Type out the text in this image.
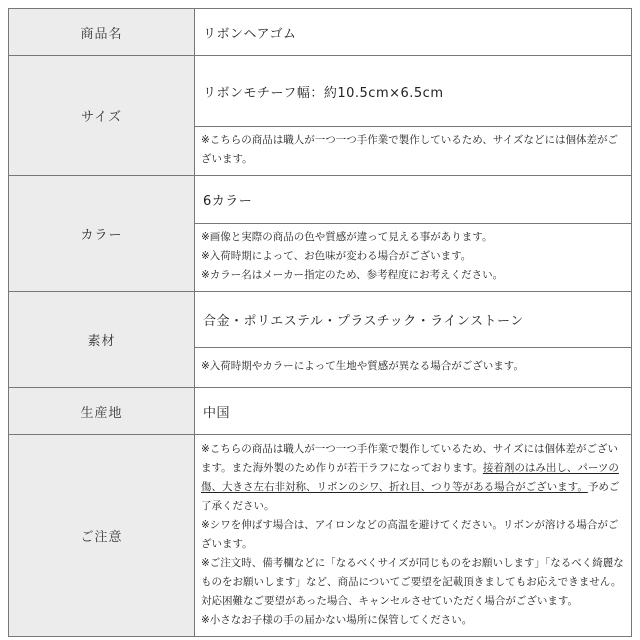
商品名	リボンヘアゴム
サイズ	リボンモチーフ幅：約10.5cm×6.5cm
	※こちらの商品は職人が一つ一つ手作業で製作しているため、サイズなどには個体差がございます。
カラー	6カラー

	※画像と実際の商品の色や質感が違って見える事があります。
※入荷時期によって、お色味が変わる場合がございます。
※カラー名はメーカー指定のため、参考程度にお考えください。

素材	合金・ポリエステル・プラスチック・ラインストーン
	※入荷時期やカラーによって生地や質感が異なる場合がございます。
生産地	中国
ご注意	※こちらの商品は職人が一つ一つ手作業で製作しているため、サイズには個体差がございます。また海外製のため作りが若干ラフになっております。接着剤のはみ出し、パーツの傷、大きさ左右非対称、リボンのシワ、折れ目、つり等がある場合がございます。予めご了承ください。
※シワを伸ばす場合は、アイロンなどの高温を避けてください。リボンが溶ける場合がございます。
※ご注文時、備考欄などに「なるべくサイズが同じものをお願いします」「なるべく綺麗なものをお願いします」など、商品についてご要望を記載頂きましてもお応えできません。対応困難なご要望があった場合、キャンセルさせていただく場合がございます。
※小さなお子様の手の届かない場所に保管してください。
